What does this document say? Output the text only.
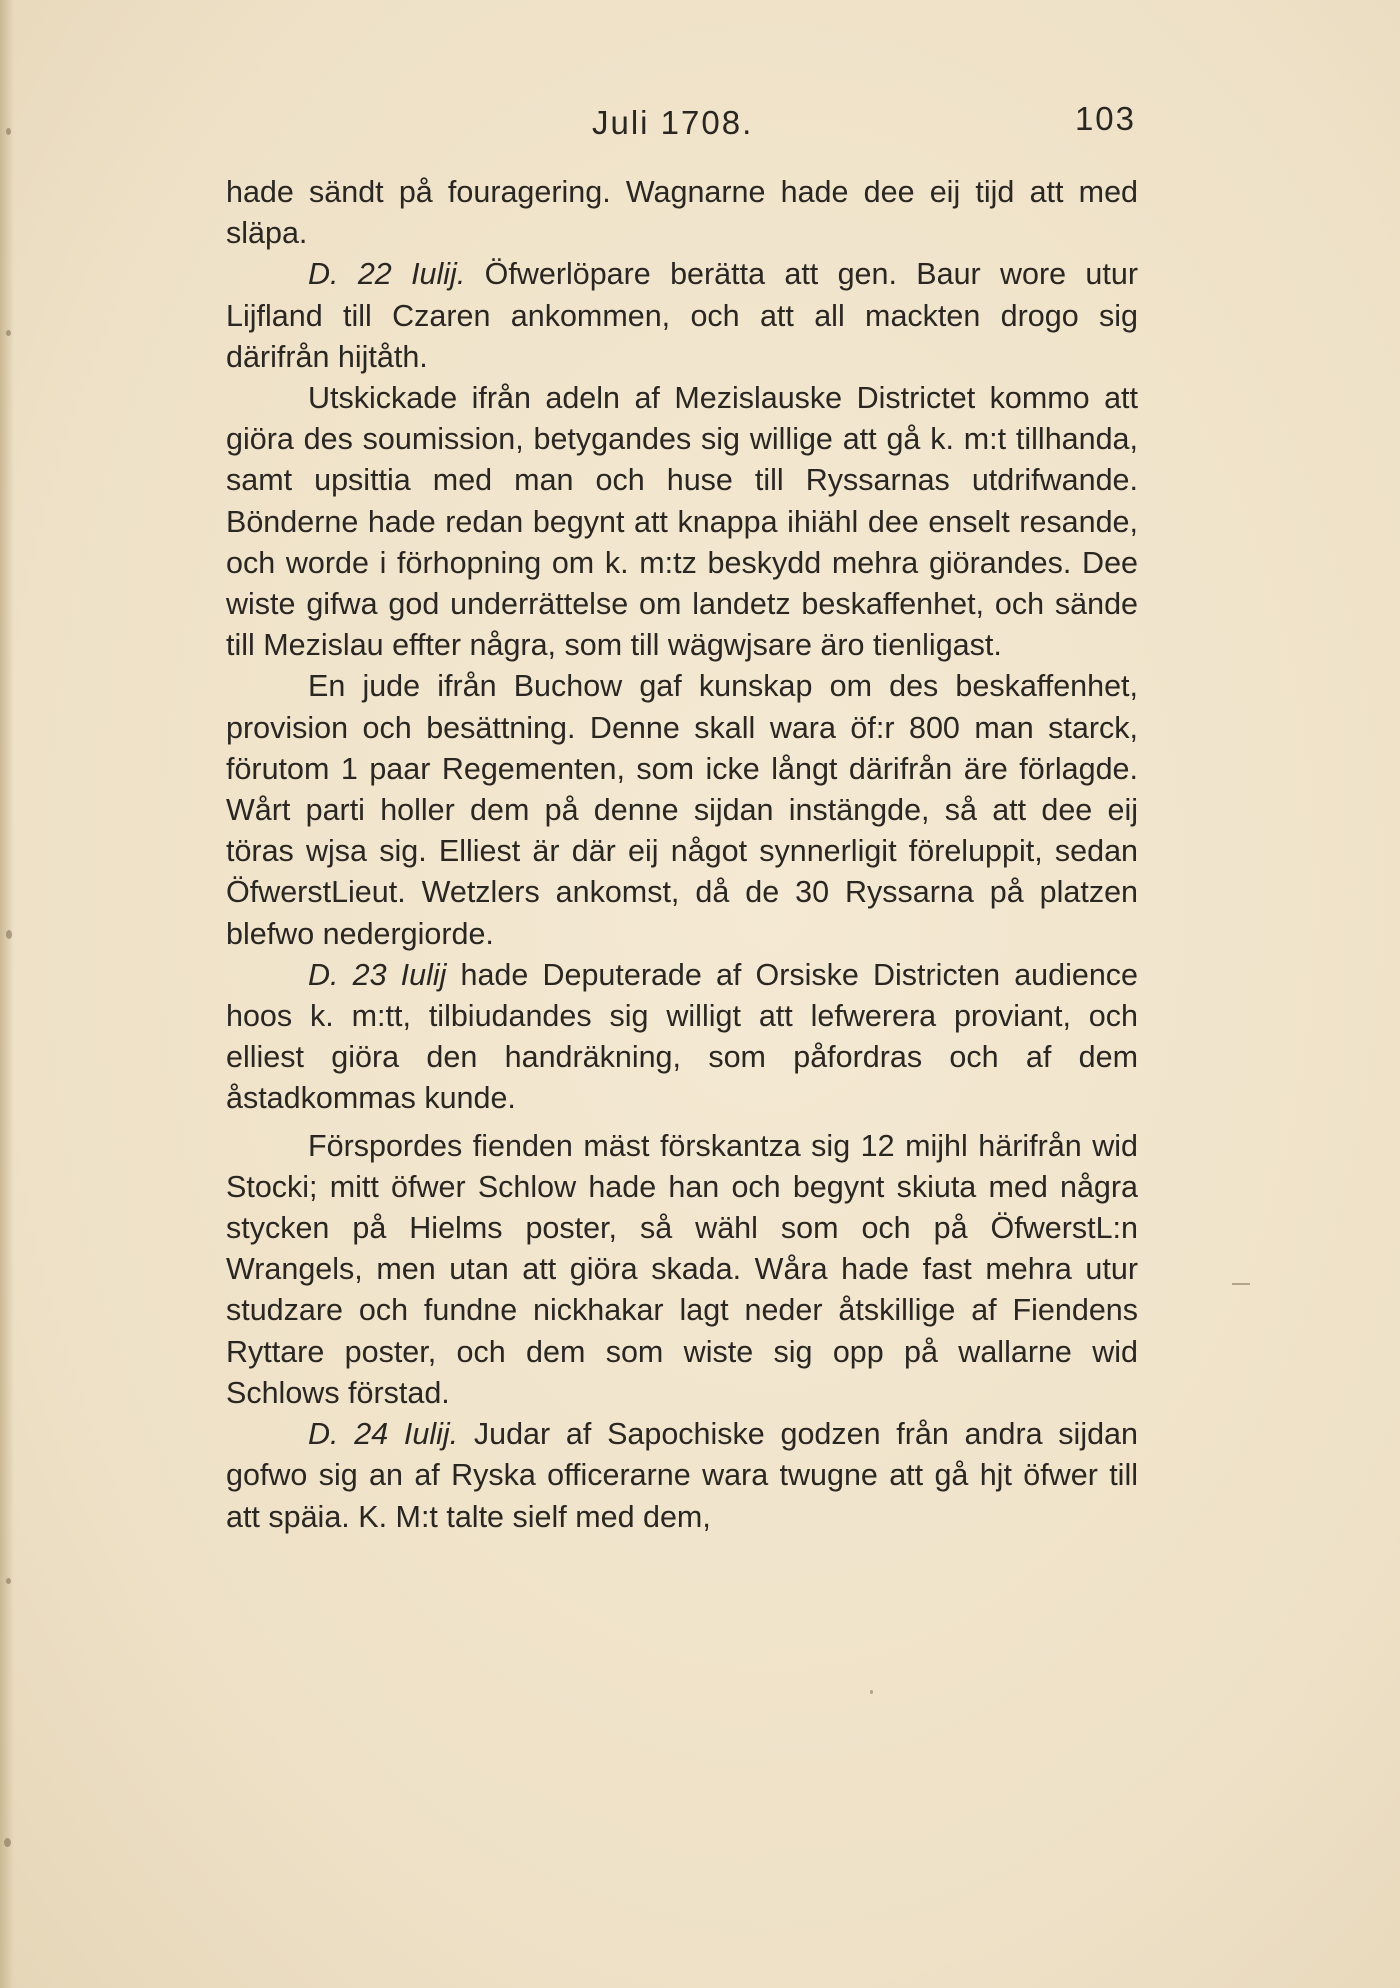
Juli 1708.	103

hade sändt på fouragering. Wagnarne hade dee eij tijd att med släpa.

D. 22 Iulij. Öfwerlöpare berätta att gen. Baur wore utur Lijfland till Czaren ankommen, och att all mackten drogo sig därifrån hijtåth.

Utskickade ifrån adeln af Mezislauske Districtet kommo att giöra des soumission, betygandes sig willige att gå k. m:t tillhanda, samt upsittia med man och huse till Ryssarnas utdrifwande. Bönderne hade redan begynt att knappa ihiähl dee enselt resande, och worde i förhopning om k. m:tz beskydd mehra giörandes. Dee wiste gifwa god underrättelse om landetz beskaffenhet, och sände till Mezislau effter några, som till wägwjsare äro tienligast.

En jude ifrån Buchow gaf kunskap om des beskaffenhet, provision och besättning. Denne skall wara öf:r 800 man starck, förutom 1 paar Regementen, som icke långt därifrån äre förlagde. Wårt parti holler dem på denne sijdan instängde, så att dee eij töras wjsa sig. Elliest är där eij något synnerligit föreluppit, sedan ÖfwerstLieut. Wetzlers ankomst, då de 30 Ryssarna på platzen blefwo nedergiorde.

D. 23 Iulij hade Deputerade af Orsiske Districten audience hoos k. m:tt, tilbiudandes sig willigt att lefwerera proviant, och elliest giöra den handräkning, som påfordras och af dem åstadkommas kunde.

Förspordes fienden mäst förskantza sig 12 mijhl härifrån wid Stocki; mitt öfwer Schlow hade han och begynt skiuta med några stycken på Hielms poster, så wähl som och på ÖfwerstL:n Wrangels, men utan att giöra skada. Wåra hade fast mehra utur studzare och fundne nickhakar lagt neder åtskillige af Fiendens Ryttare poster, och dem som wiste sig opp på wallarne wid Schlows förstad.

D. 24 Iulij. Judar af Sapochiske godzen från andra sijdan gofwo sig an af Ryska officerarne wara twugne att gå hjt öfwer till att späia. K. M:t talte sielf med dem,
